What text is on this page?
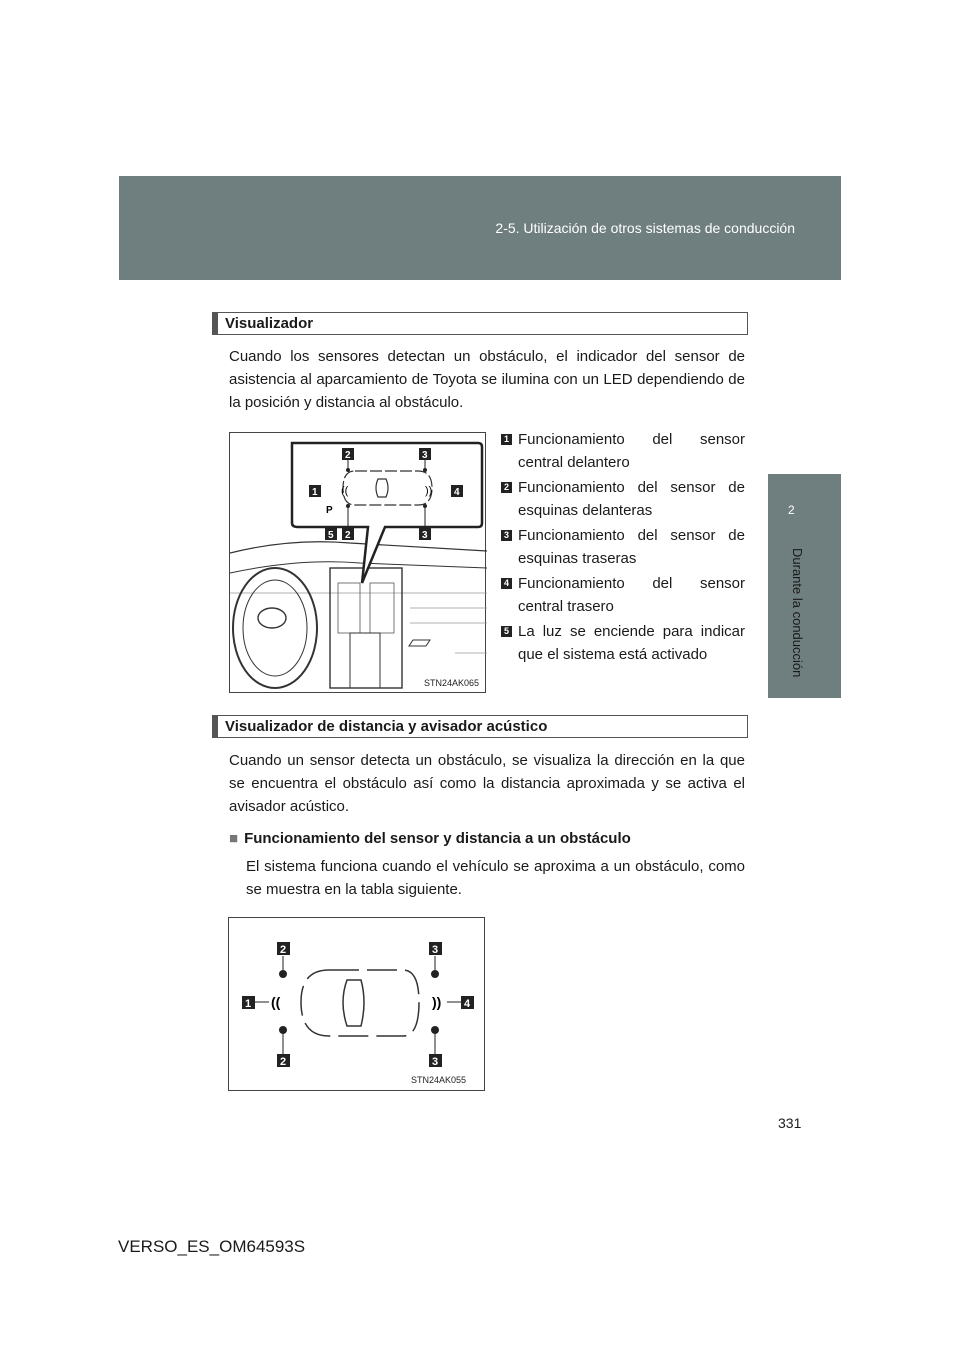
2-5. Utilización de otros sistemas de conducción
2
Durante la conducción
Visualizador
Cuando los sensores detectan un obstáculo, el indicador del sensor de asistencia al aparcamiento de Toyota se ilumina con un LED dependiendo de la posición y distancia al obstáculo.
((	))
P
1
2	3
4
5 2	3
STN24AK065
1 Funcionamiento del sensor central delantero
2 Funcionamiento del sensor de esquinas delanteras
3 Funcionamiento del sensor de esquinas traseras
4 Funcionamiento del sensor central trasero
5 La luz se enciende para indicar que el sistema está activado
Visualizador de distancia y avisador acústico
Cuando un sensor detecta un obstáculo, se visualiza la dirección en la que se encuentra el obstáculo así como la distancia aproximada y se activa el avisador acústico.
■ Funcionamiento del sensor y distancia a un obstáculo
El sistema funciona cuando el vehículo se aproxima a un obstáculo, como se muestra en la tabla siguiente.
((	))
1
2	3
4
2	3
STN24AK055
331
VERSO_ES_OM64593S
